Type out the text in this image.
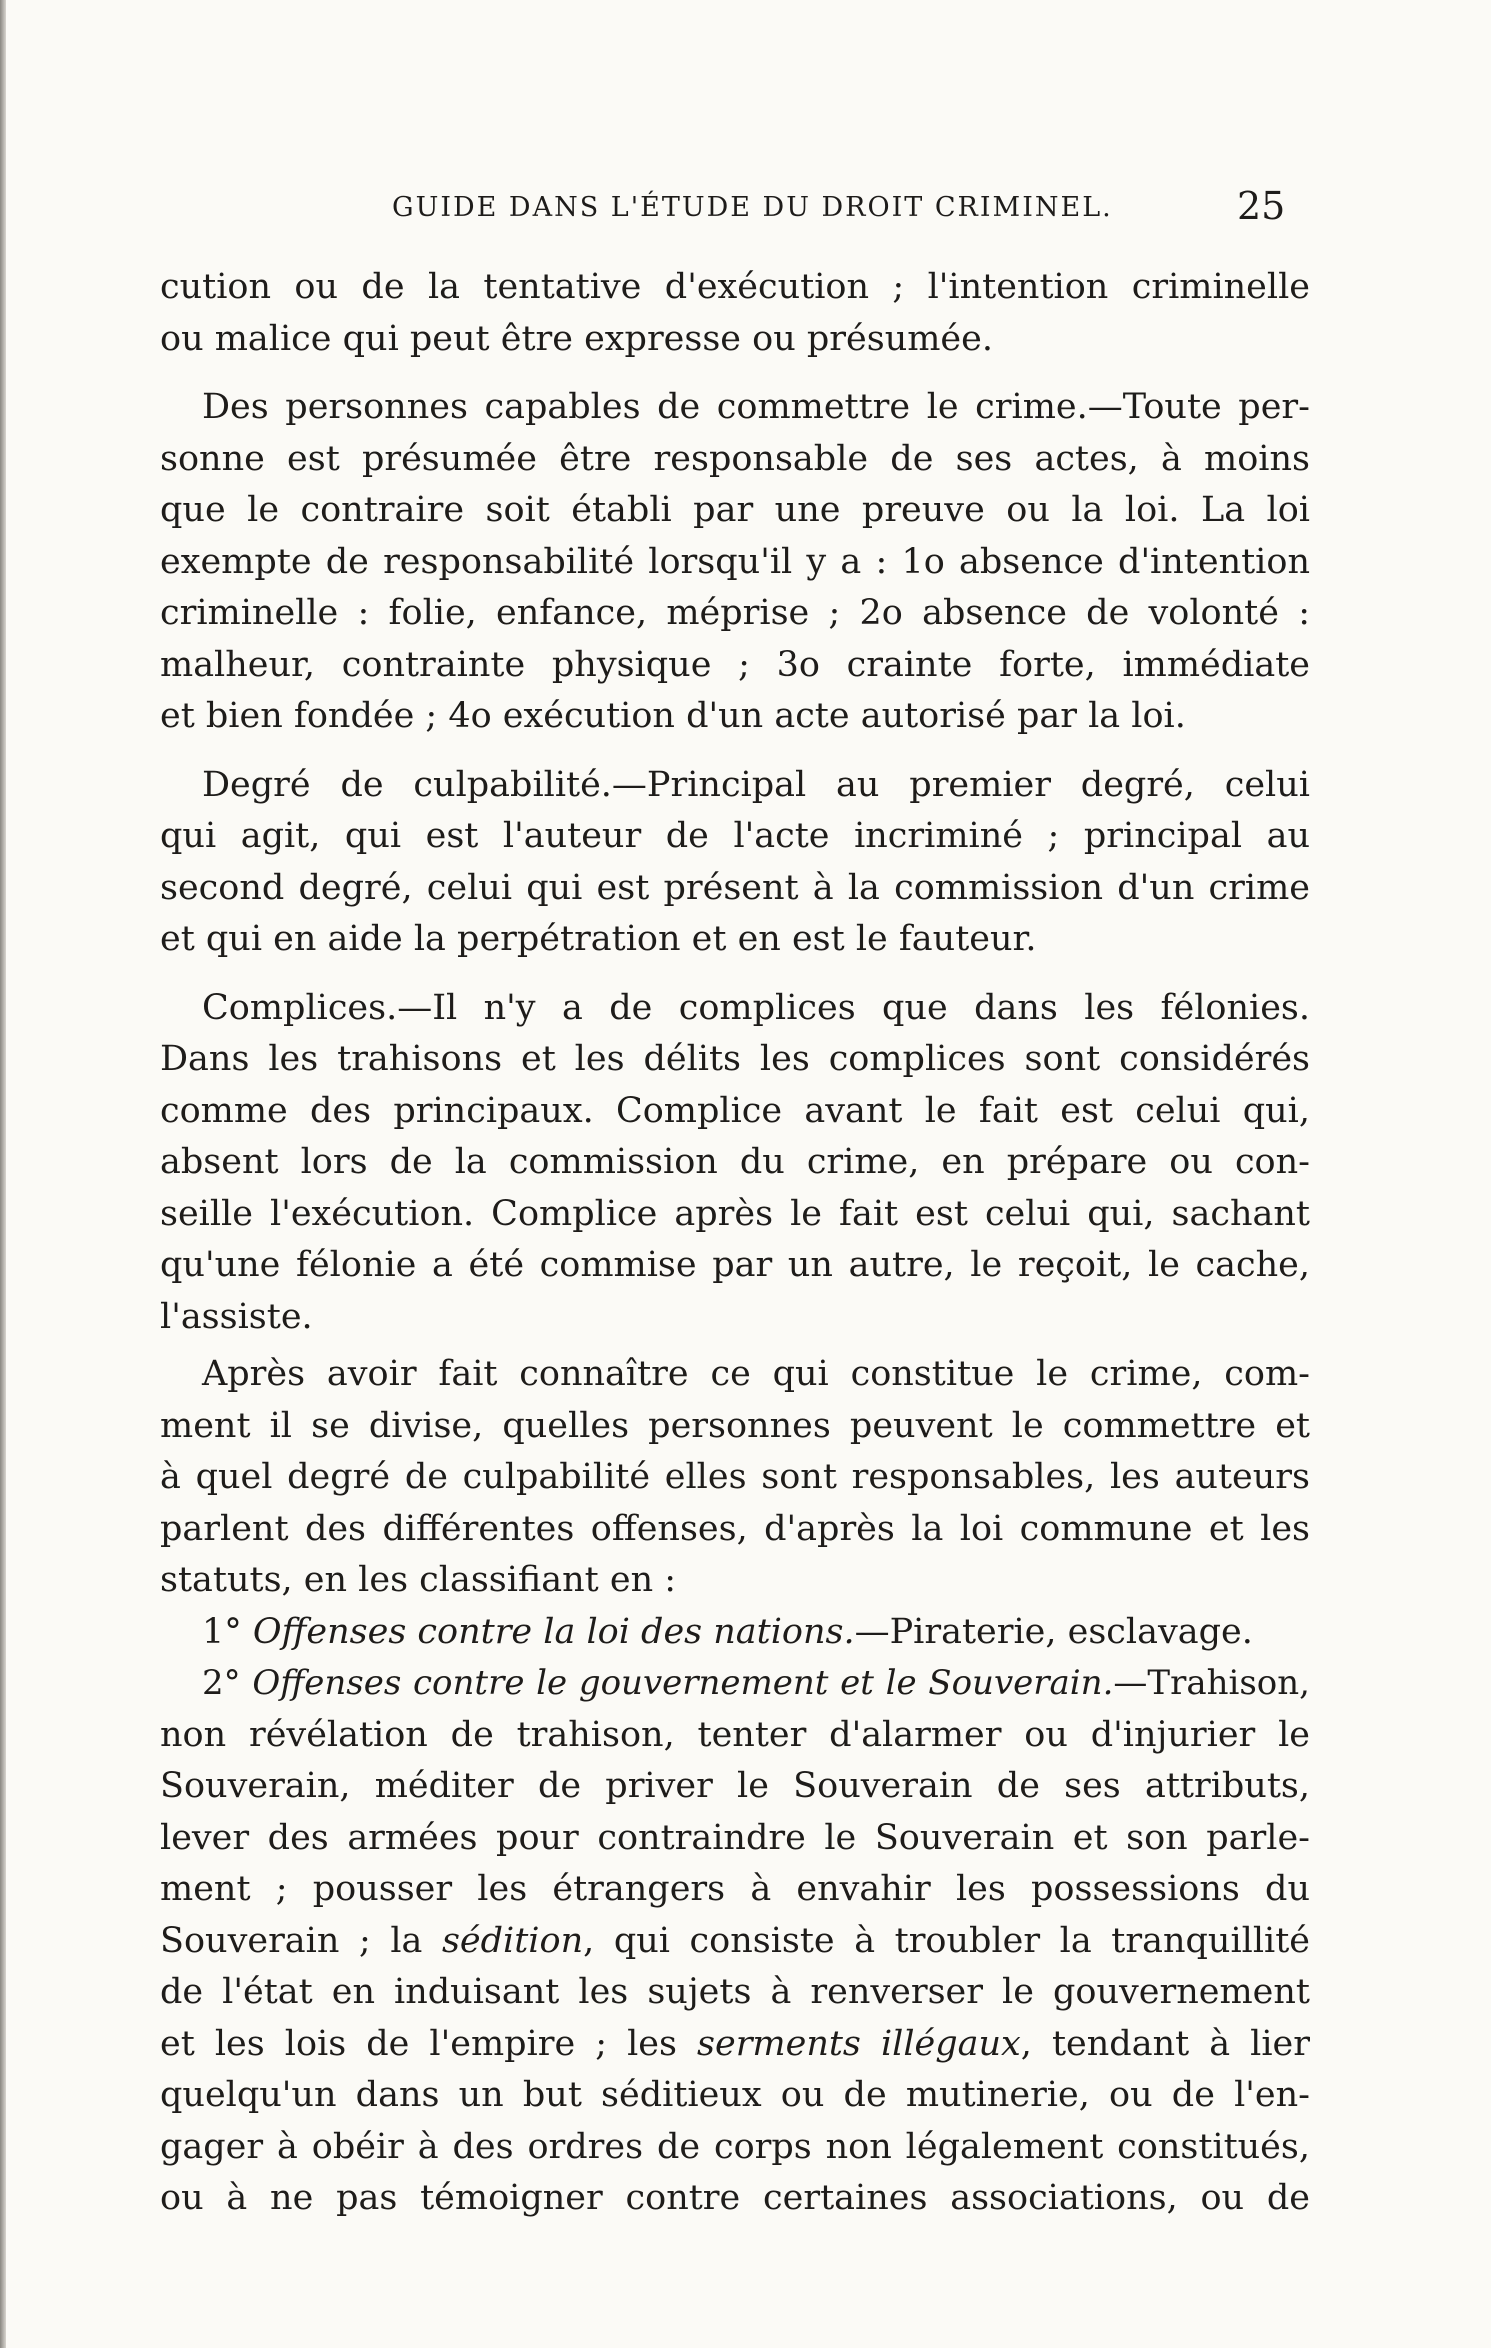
GUIDE DANS L'ÉTUDE DU DROIT CRIMINEL.	25
cution ou de la tentative d'exécution ; l'intention criminelle
ou malice qui peut être expresse ou présumée.
Des personnes capables de commettre le crime.—Toute per-
sonne est présumée être responsable de ses actes, à moins
que le contraire soit établi par une preuve ou la loi. La loi
exempte de responsabilité lorsqu'il y a : 1o absence d'intention
criminelle : folie, enfance, méprise ; 2o absence de volonté :
malheur, contrainte physique ; 3o crainte forte, immédiate
et bien fondée ; 4o exécution d'un acte autorisé par la loi.
Degré de culpabilité.—Principal au premier degré, celui
qui agit, qui est l'auteur de l'acte incriminé ; principal au
second degré, celui qui est présent à la commission d'un crime
et qui en aide la perpétration et en est le fauteur.
Complices.—Il n'y a de complices que dans les félonies.
Dans les trahisons et les délits les complices sont considérés
comme des principaux. Complice avant le fait est celui qui,
absent lors de la commission du crime, en prépare ou con-
seille l'exécution. Complice après le fait est celui qui, sachant
qu'une félonie a été commise par un autre, le reçoit, le cache,
l'assiste.
Après avoir fait connaître ce qui constitue le crime, com-
ment il se divise, quelles personnes peuvent le commettre et
à quel degré de culpabilité elles sont responsables, les auteurs
parlent des différentes offenses, d'après la loi commune et les
statuts, en les classifiant en :
1° Offenses contre la loi des nations.—Piraterie, esclavage.
2° Offenses contre le gouvernement et le Souverain.—Trahison,
non révélation de trahison, tenter d'alarmer ou d'injurier le
Souverain, méditer de priver le Souverain de ses attributs,
lever des armées pour contraindre le Souverain et son parle-
ment ; pousser les étrangers à envahir les possessions du
Souverain ; la sédition, qui consiste à troubler la tranquillité
de l'état en induisant les sujets à renverser le gouvernement
et les lois de l'empire ; les serments illégaux, tendant à lier
quelqu'un dans un but séditieux ou de mutinerie, ou de l'en-
gager à obéir à des ordres de corps non légalement constitués,
ou à ne pas témoigner contre certaines associations, ou de
